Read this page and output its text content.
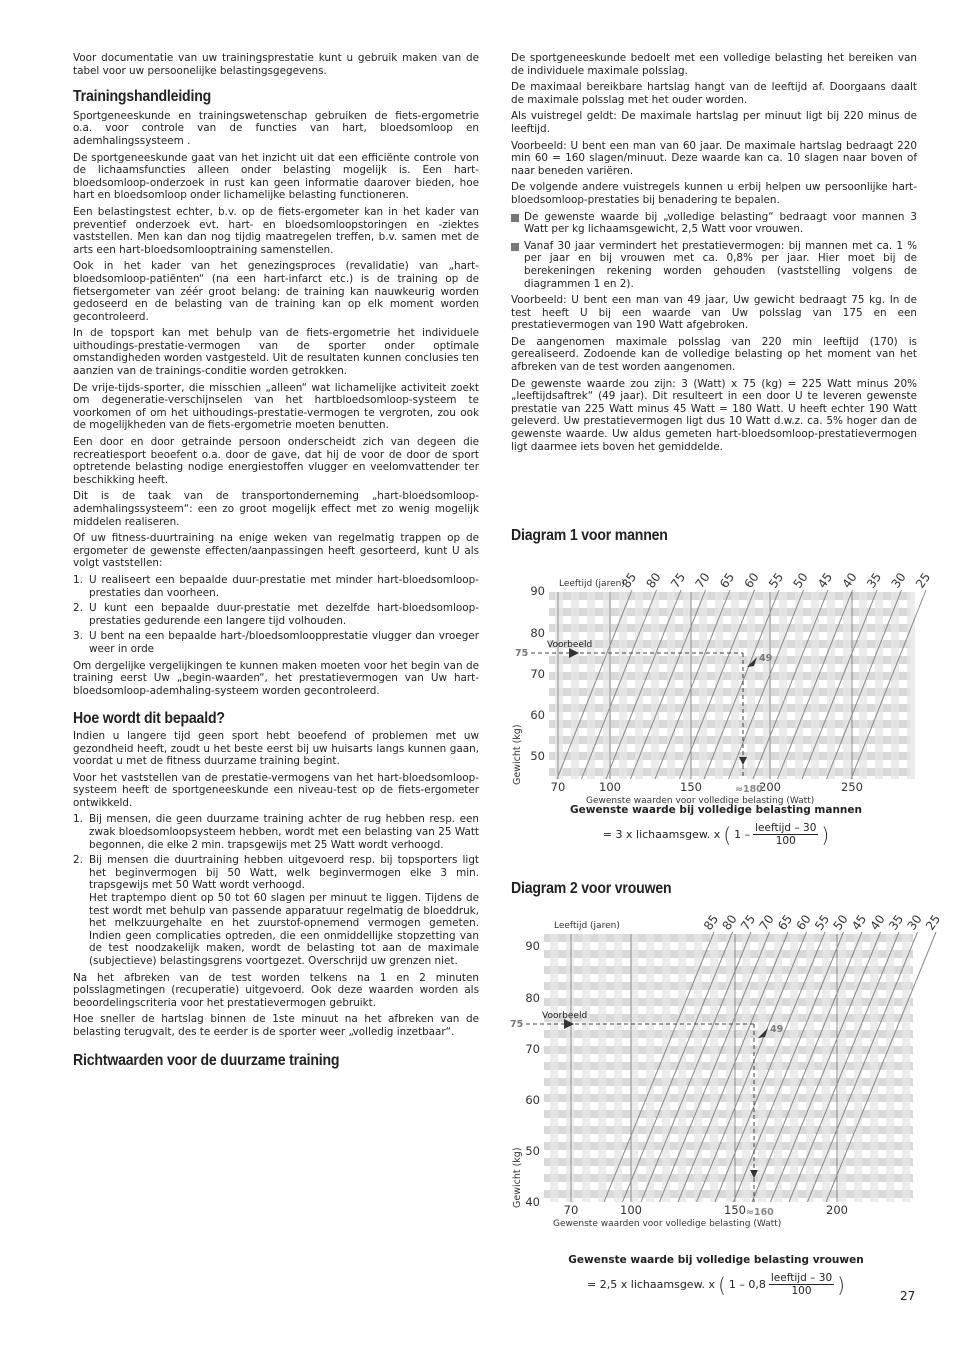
Voor documentatie van uw trainingsprestatie kunt u gebruik maken van de tabel voor uw persoonelijke belastingsgegevens.

Trainingshandleiding

Sportgeneeskunde en trainingswetenschap gebruiken de fiets-ergometrie o.a. voor controle van de functies van hart, bloedsomloop en ademhalingssysteem .

De sportgeneeskunde gaat van het inzicht uit dat een efficiënte controle von de lichaamsfuncties alleen onder belasting mogelijk is. Een hart-bloedsomloop-onderzoek in rust kan geen informatie daarover bieden, hoe hart en bloedsomloop onder lichamelijke belasting functioneren.

Een belastingstest echter, b.v. op de fiets-ergometer kan in het kader van preventief onderzoek evt. hart- en bloedsomloopstoringen en -ziektes vaststellen. Men kan dan nog tijdig maatregelen treffen, b.v. samen met de arts een hart-bloedsomlooptraining samenstellen.

Ook in het kader van het genezingsproces (revalidatie) van „hart-bloedsomloop-patiënten“ (na een hart-infarct etc.) is de training op de fietsergometer van zéér groot belang: de training kan nauwkeurig worden gedoseerd en de belasting van de training kan op elk moment worden gecontroleerd.

In de topsport kan met behulp van de fiets-ergometrie het individuele uithoudings-prestatie-vermogen van de sporter onder optimale omstandigheden worden vastgesteld. Uit de resultaten kunnen conclusies ten aanzien van de trainings-conditie worden getrokken.

De vrije-tijds-sporter, die misschien „alleen“ wat lichamelijke activiteit zoekt om degeneratie-verschijnselen van het hartbloedsomloop-systeem te voorkomen of om het uithoudings-prestatie-vermogen te vergroten, zou ook de mogelijkheden van de fiets-ergometrie moeten benutten.

Een door en door getrainde persoon onderscheidt zich van degeen die recreatiesport beoefent o.a. door de gave, dat hij de voor de door de sport optretende belasting nodige energiestoffen vlugger en veelomvattender ter beschikking heeft.

Dit is de taak van de transportonderneming „hart-bloedsomloop-ademhalingssysteem“: een zo groot mogelijk effect met zo wenig mogelijk middelen realiseren.

Of uw fitness-duurtraining na enige weken van regelmatig trappen op de ergometer de gewenste effecten/aanpassingen heeft gesorteerd, kunt U als volgt vaststellen:

1. U realiseert een bepaalde duur-prestatie met minder hart-bloedsomloop-prestaties dan voorheen.
2. U kunt een bepaalde duur-prestatie met dezelfde hart-bloedsomloop-prestaties gedurende een langere tijd volhouden.
3. U bent na een bepaalde hart-/bloedsomloopprestatie vlugger dan vroeger weer in orde

Om dergelijke vergelijkingen te kunnen maken moeten voor het begin van de training eerst Uw „begin-waarden“, het prestatievermogen van Uw hart-bloedsomloop-ademhaling-systeem worden gecontroleerd.

Hoe wordt dit bepaald?

Indien u langere tijd geen sport hebt beoefend of problemen met uw gezondheid heeft, zoudt u het beste eerst bij uw huisarts langs kunnen gaan, voordat u met de fitness duurzame training begint.

Voor het vaststellen van de prestatie-vermogens van het hart-bloedsomloop-systeem heeft de sportgeneeskunde een niveau-test op de fiets-ergometer ontwikkeld.

1. Bij mensen, die geen duurzame training achter de rug hebben resp. een zwak bloedsomloopsysteem hebben, wordt met een belasting van 25 Watt begonnen, die elke 2 min. trapsgewijs met 25 Watt wordt verhoogd.
2. Bij mensen die duurtraining hebben uitgevoerd resp. bij topsporters ligt het beginvermogen bij 50 Watt, welk beginvermogen elke 3 min. trapsgewijs met 50 Watt wordt verhoogd.
Het traptempo dient op 50 tot 60 slagen per minuut te liggen. Tijdens de test wordt met behulp van passende apparatuur regelmatig de bloeddruk, het melkzuurgehalte en het zuurstof-opnemend vermogen gemeten. Indien geen complicaties optreden, die een onmiddellijke stopzetting van de test noodzakelijk maken, wordt de belasting tot aan de maximale (subjectieve) belastingsgrens voortgezet. Overschrijd uw grenzen niet.

Na het afbreken van de test worden telkens na 1 en 2 minuten polsslagmetingen (recuperatie) uitgevoerd. Ook deze waarden worden als beoordelingscriteria voor het prestatievermogen gebruikt.

Hoe sneller de hartslag binnen de 1ste minuut na het afbreken van de belasting terugvalt, des te eerder is de sporter weer „volledig inzetbaar“.

Richtwaarden voor de duurzame training

De sportgeneeskunde bedoelt met een volledige belasting het bereiken van de individuele maximale polsslag.

De maximaal bereikbare hartslag hangt van de leeftijd af. Doorgaans daalt de maximale polsslag met het ouder worden.

Als vuistregel geldt: De maximale hartslag per minuut ligt bij 220 minus de leeftijd.

Voorbeeld: U bent een man van 60 jaar. De maximale hartslag bedraagt 220 min 60 = 160 slagen/minuut. Deze waarde kan ca. 10 slagen naar boven of naar beneden variëren.

De volgende andere vuistregels kunnen u erbij helpen uw persoonlijke hart-bloedsomloop-prestaties bij benadering te bepalen.

De gewenste waarde bij „volledige belasting“ bedraagt voor mannen 3 Watt per kg lichaamsgewicht, 2,5 Watt voor vrouwen.
Vanaf 30 jaar vermindert het prestatievermogen: bij mannen met ca. 1 % per jaar en bij vrouwen met ca. 0,8% per jaar. Hier moet bij de berekeningen rekening worden gehouden (vaststelling volgens de diagrammen 1 en 2).

Voorbeeld: U bent een man van 49 jaar, Uw gewicht bedraagt 75 kg. In de test heeft U bij een waarde van Uw polsslag van 175 en een prestatievermogen van 190 Watt afgebroken.

De aangenomen maximale polsslag van 220 min leeftijd (170) is gerealiseerd. Zodoende kan de volledige belasting op het moment van het afbreken van de test worden aangenomen.

De gewenste waarde zou zijn: 3 (Watt) x 75 (kg) = 225 Watt minus 20% „leeftijdsaftrek“ (49 jaar). Dit resulteert in een door U te leveren gewenste prestatie van 225 Watt minus 45 Watt = 180 Watt. U heeft echter 190 Watt geleverd. Uw prestatievermogen ligt dus 10 Watt d.w.z. ca. 5% hoger dan de gewenste waarde. Uw aldus gemeten hart-bloedsomloop-prestatievermogen ligt daarmee iets boven het gemiddelde.

Diagram 1 voor mannen
85 80 75 70 65 60 55 50 45 40 35 30 25
Leeftijd (jaren)
90
80
70
60
50
70	100	150	200	250
Gewicht (kg)
Gewenste waarden voor volledige belasting (Watt)
Voorbeeld
75	49
≈180
Gewenste waarde bij volledige belasting mannen
= 3 x lichaamsgew. x ( $1 - \frac{\text{leeftijd – 30}}{100}$ )
Diagram 2 voor vrouwen
85
80
75
70
65
60
55
50
45
40
35
30
25
Leeftijd (jaren)
90
80
70
60
50
40
70	100	150	200
Gewicht (kg)
Gewenste waarden voor volledige belasting (Watt)
Voorbeeld
75	49
≈160
Gewenste waarde bij volledige belasting vrouwen
= 2,5 x lichaamsgew. x ( $1 - 0,8 \frac{\text{leeftijd – 30}}{100}$ )	27
